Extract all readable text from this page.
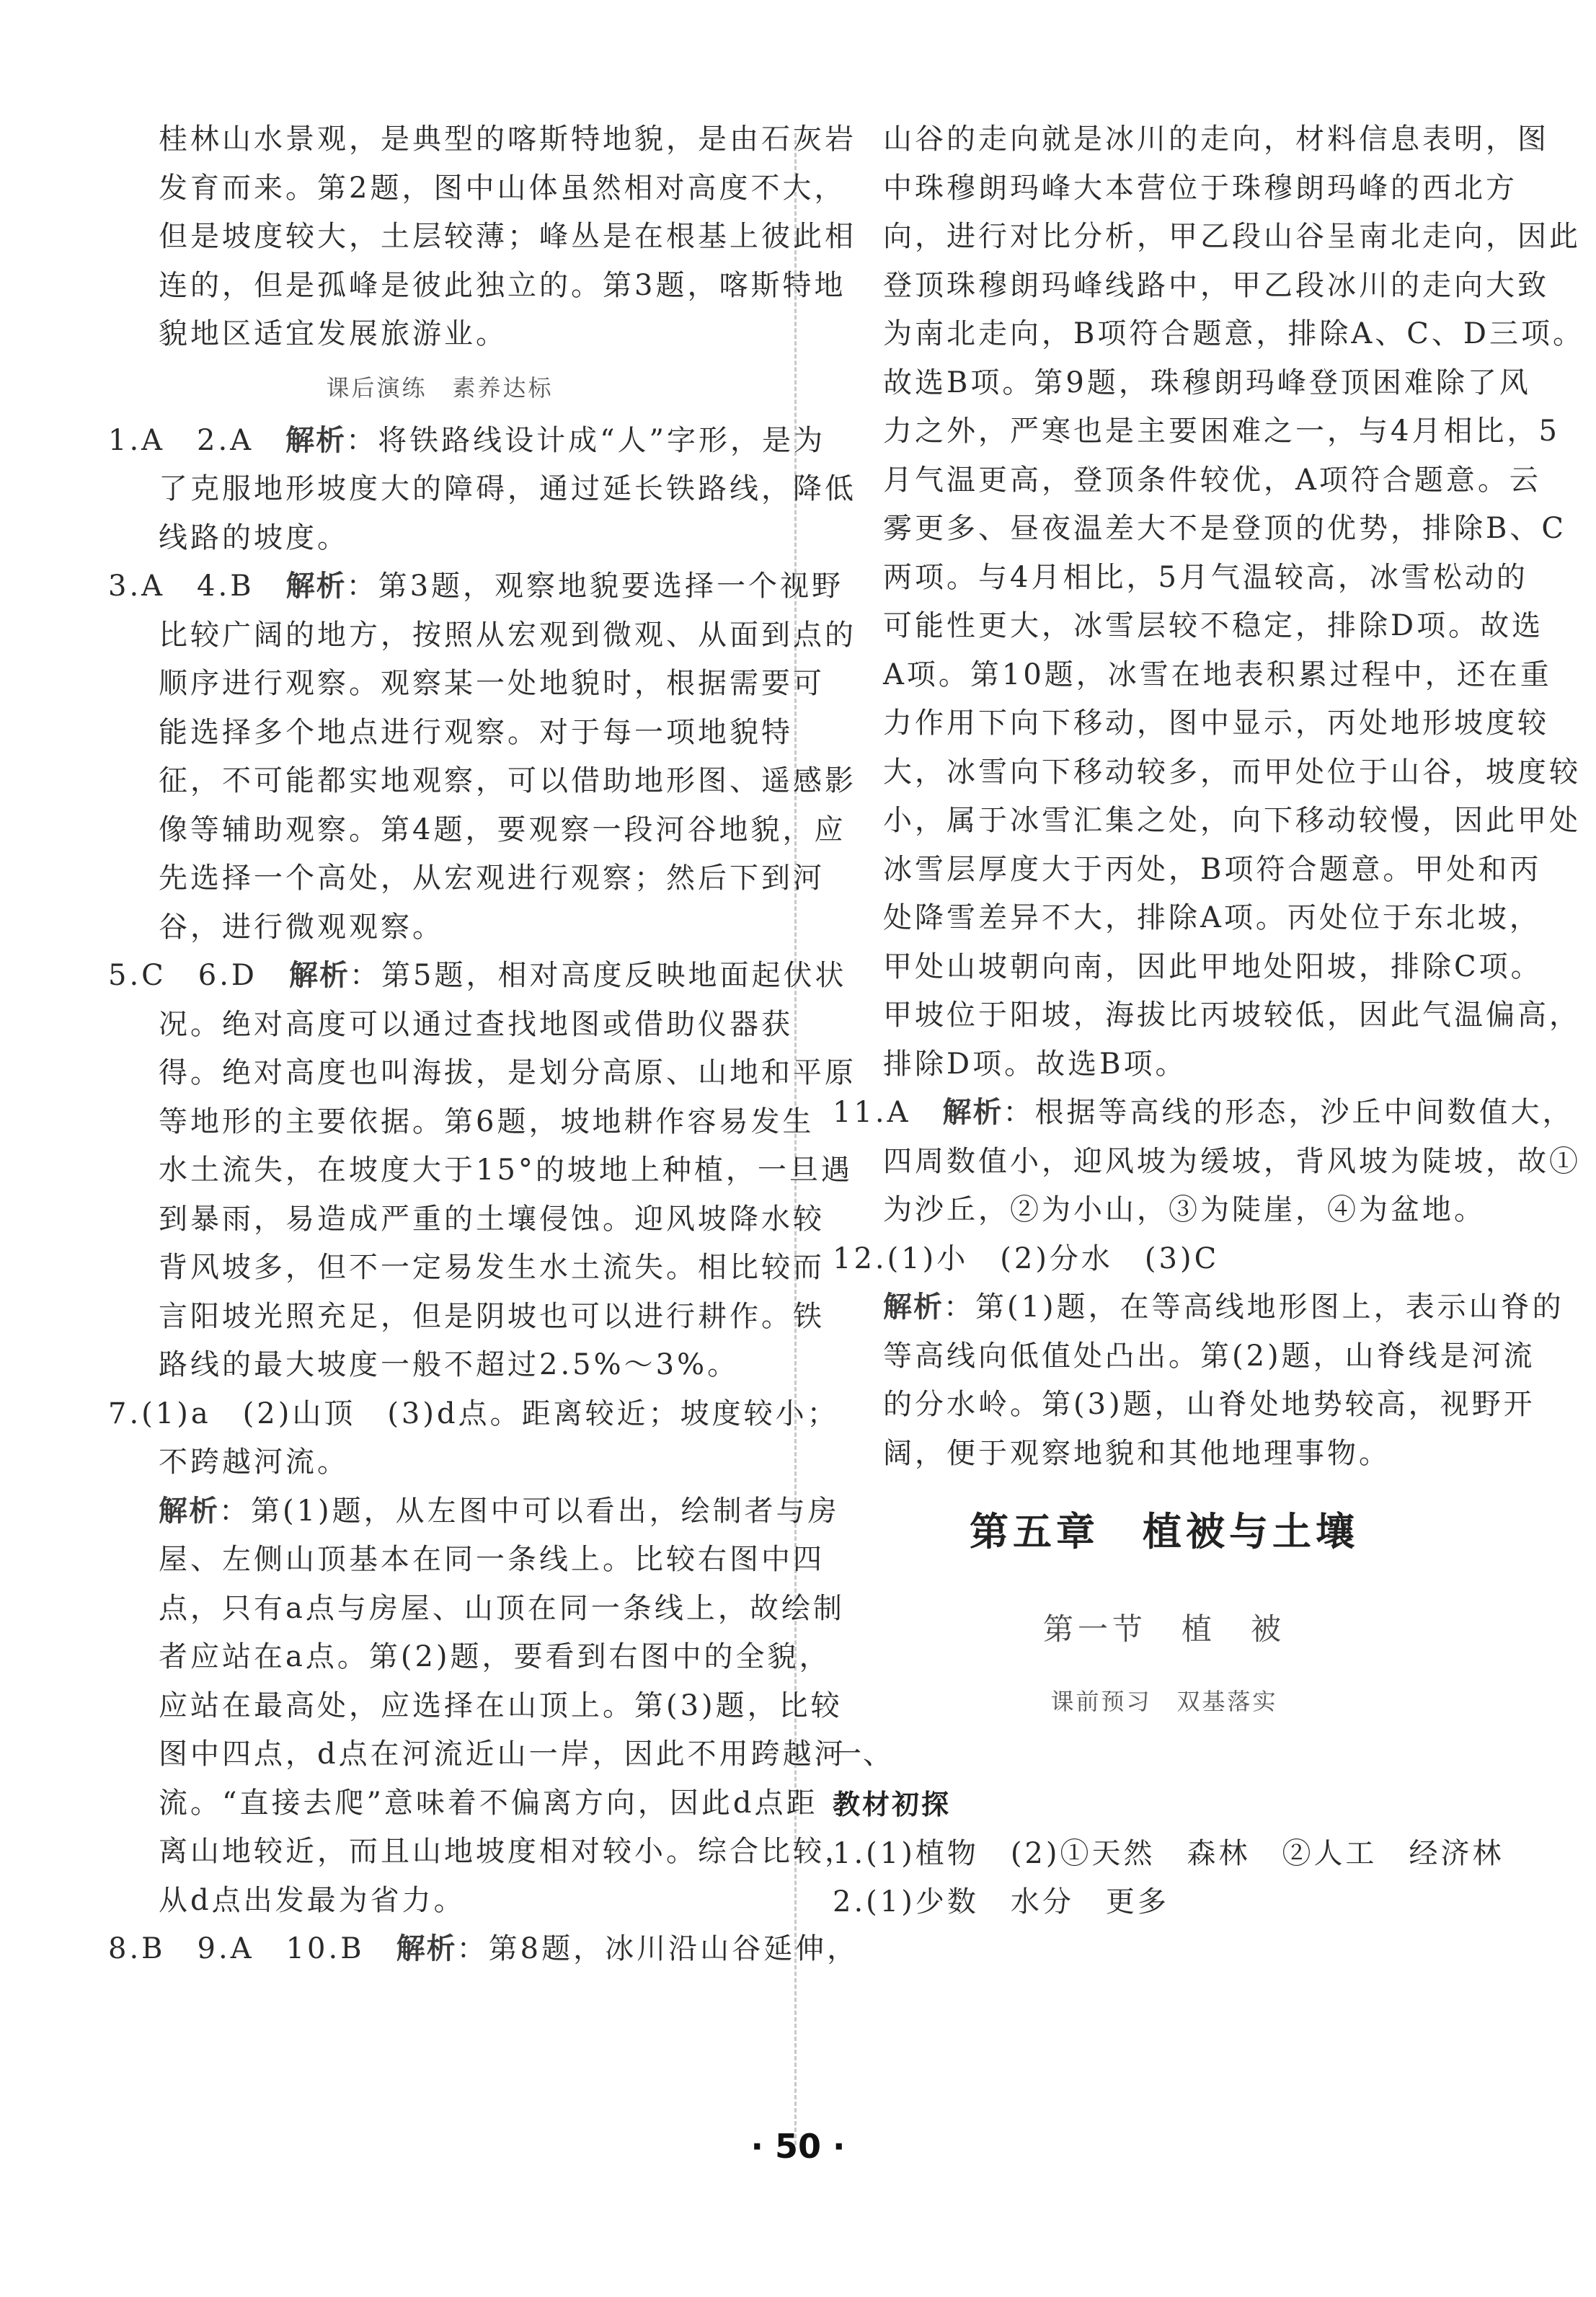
桂林山水景观，是典型的喀斯特地貌，是由石灰岩
发育而来。第2题，图中山体虽然相对高度不大，
但是坡度较大，土层较薄；峰丛是在根基上彼此相
连的，但是孤峰是彼此独立的。第3题，喀斯特地
貌地区适宜发展旅游业。
课后演练　素养达标
1.A　2.A　解析：将铁路线设计成“人”字形，是为
了克服地形坡度大的障碍，通过延长铁路线，降低
线路的坡度。
3.A　4.B　解析：第3题，观察地貌要选择一个视野
比较广阔的地方，按照从宏观到微观、从面到点的
顺序进行观察。观察某一处地貌时，根据需要可
能选择多个地点进行观察。对于每一项地貌特
征，不可能都实地观察，可以借助地形图、遥感影
像等辅助观察。第4题，要观察一段河谷地貌，应
先选择一个高处，从宏观进行观察；然后下到河
谷，进行微观观察。
5.C　6.D　解析：第5题，相对高度反映地面起伏状
况。绝对高度可以通过查找地图或借助仪器获
得。绝对高度也叫海拔，是划分高原、山地和平原
等地形的主要依据。第6题，坡地耕作容易发生
水土流失，在坡度大于15°的坡地上种植，一旦遇
到暴雨，易造成严重的土壤侵蚀。迎风坡降水较
背风坡多，但不一定易发生水土流失。相比较而
言阳坡光照充足，但是阴坡也可以进行耕作。铁
路线的最大坡度一般不超过2.5%～3%。
7.(1)a　(2)山顶　(3)d点。距离较近；坡度较小；
不跨越河流。
解析：第(1)题，从左图中可以看出，绘制者与房
屋、左侧山顶基本在同一条线上。比较右图中四
点，只有a点与房屋、山顶在同一条线上，故绘制
者应站在a点。第(2)题，要看到右图中的全貌，
应站在最高处，应选择在山顶上。第(3)题，比较
图中四点，d点在河流近山一岸，因此不用跨越河
流。“直接去爬”意味着不偏离方向，因此d点距
离山地较近，而且山地坡度相对较小。综合比较，
从d点出发最为省力。
8.B　9.A　10.B　解析：第8题，冰川沿山谷延伸，
山谷的走向就是冰川的走向，材料信息表明，图
中珠穆朗玛峰大本营位于珠穆朗玛峰的西北方
向，进行对比分析，甲乙段山谷呈南北走向，因此
登顶珠穆朗玛峰线路中，甲乙段冰川的走向大致
为南北走向，B项符合题意，排除A、C、D三项。
故选B项。第9题，珠穆朗玛峰登顶困难除了风
力之外，严寒也是主要困难之一，与4月相比，5
月气温更高，登顶条件较优，A项符合题意。云
雾更多、昼夜温差大不是登顶的优势，排除B、C
两项。与4月相比，5月气温较高，冰雪松动的
可能性更大，冰雪层较不稳定，排除D项。故选
A项。第10题，冰雪在地表积累过程中，还在重
力作用下向下移动，图中显示，丙处地形坡度较
大，冰雪向下移动较多，而甲处位于山谷，坡度较
小，属于冰雪汇集之处，向下移动较慢，因此甲处
冰雪层厚度大于丙处，B项符合题意。甲处和丙
处降雪差异不大，排除A项。丙处位于东北坡，
甲处山坡朝向南，因此甲地处阳坡，排除C项。
甲坡位于阳坡，海拔比丙坡较低，因此气温偏高，
排除D项。故选B项。
11.A　解析：根据等高线的形态，沙丘中间数值大，
四周数值小，迎风坡为缓坡，背风坡为陡坡，故①
为沙丘，②为小山，③为陡崖，④为盆地。
12.(1)小　(2)分水　(3)C
解析：第(1)题，在等高线地形图上，表示山脊的
等高线向低值处凸出。第(2)题，山脊线是河流
的分水岭。第(3)题，山脊处地势较高，视野开
阔，便于观察地貌和其他地理事物。
第五章　植被与土壤
第一节　植　被
课前预习　双基落实
一、
教材初探
1.(1)植物　(2)①天然　森林　②人工　经济林
2.(1)少数　水分　更多
· 50 ·
